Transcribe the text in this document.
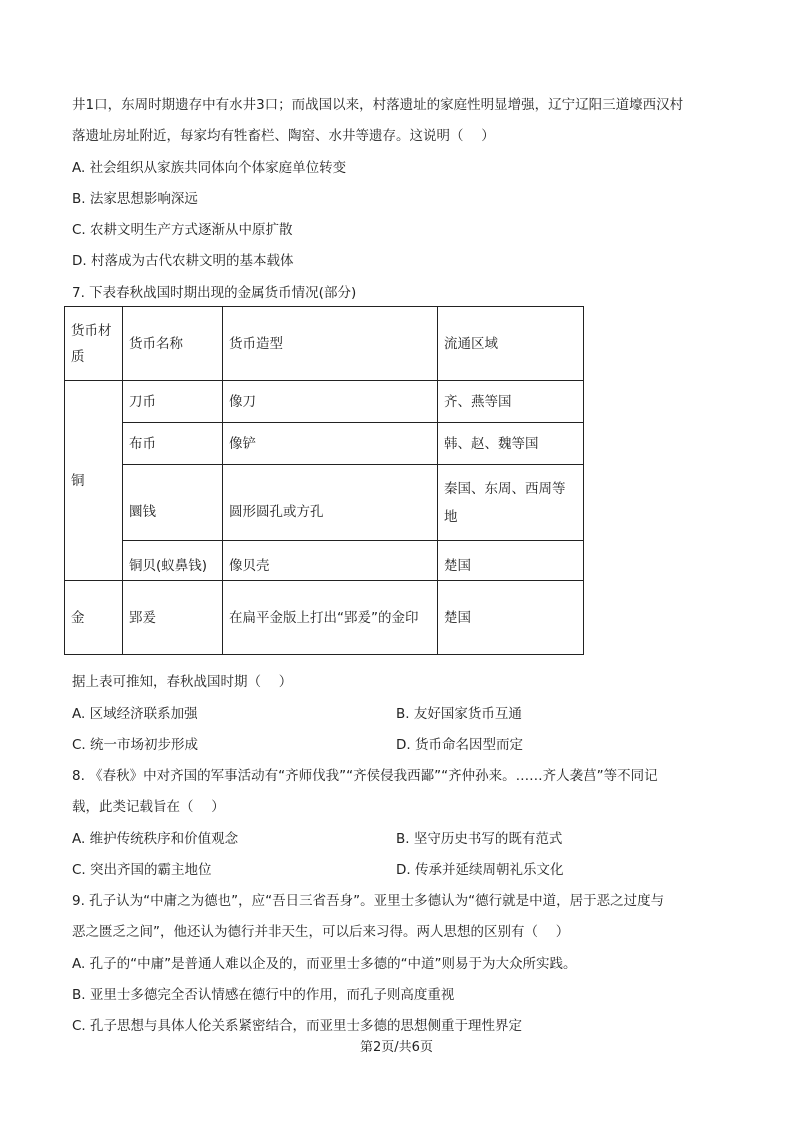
井1口，东周时期遗存中有水井3口；而战国以来，村落遗址的家庭性明显增强，辽宁辽阳三道壕西汉村
落遗址房址附近，每家均有牲畜栏、陶窑、水井等遗存。这说明（　 ）
A. 社会组织从家族共同体向个体家庭单位转变
B. 法家思想影响深远
C. 农耕文明生产方式逐渐从中原扩散
D. 村落成为古代农耕文明的基本载体
7. 下表春秋战国时期出现的金属货币情况(部分)
货币材质	货币名称	货币造型	流通区域
铜	刀币	像刀	齐、燕等国
	布币	像铲	韩、赵、魏等国
	圜钱	圆形圆孔或方孔	秦国、东周、西周等地
	铜贝(蚁鼻钱)	像贝壳	楚国
金	郢爰	在扁平金版上打出“郢爰”的金印	楚国
据上表可推知，春秋战国时期（　 ）
A. 区域经济联系加强	B. 友好国家货币互通
C. 统一市场初步形成	D. 货币命名因型而定
8. 《春秋》中对齐国的军事活动有“齐师伐我”“齐侯侵我西鄙”“齐仲孙来。……齐人袭莒”等不同记
载，此类记载旨在（　 ）
A. 维护传统秩序和价值观念	B. 坚守历史书写的既有范式
C. 突出齐国的霸主地位	D. 传承并延续周朝礼乐文化
9. 孔子认为“中庸之为德也”，应“吾日三省吾身”。亚里士多德认为“德行就是中道，居于恶之过度与
恶之匮乏之间”，他还认为德行并非天生，可以后来习得。两人思想的区别有（　 ）
A. 孔子的“中庸”是普通人难以企及的，而亚里士多德的“中道”则易于为大众所实践。
B. 亚里士多德完全否认情感在德行中的作用，而孔子则高度重视
C. 孔子思想与具体人伦关系紧密结合，而亚里士多德的思想侧重于理性界定
第2页/共6页
